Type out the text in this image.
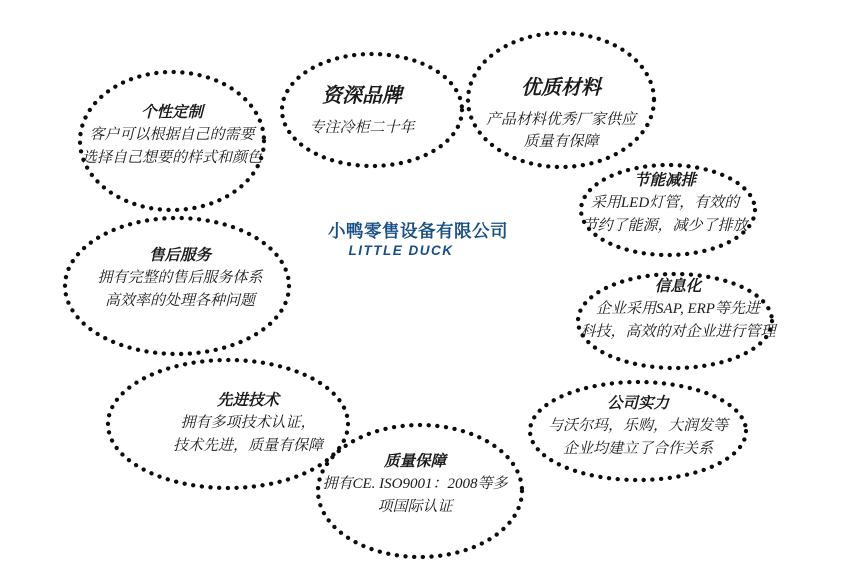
个性定制
客户可以根据自己的需要
选择自己想要的样式和颜色
资深品牌
专注冷柜二十年
优质材料
产品材料优秀厂家供应
质量有保障
节能减排
采用LED灯管，有效的
节约了能源，减少了排放
信息化
企业采用SAP, ERP等先进
科技，高效的对企业进行管理
公司实力
与沃尔玛，乐购，大润发等
企业均建立了合作关系
先进技术
拥有多项技术认证，
技术先进，质量有保障
质量保障
拥有CE. ISO9001：2008等多
项国际认证
售后服务
拥有完整的售后服务体系
高效率的处理各种问题
小鸭零售设备有限公司
LITTLE DUCK
